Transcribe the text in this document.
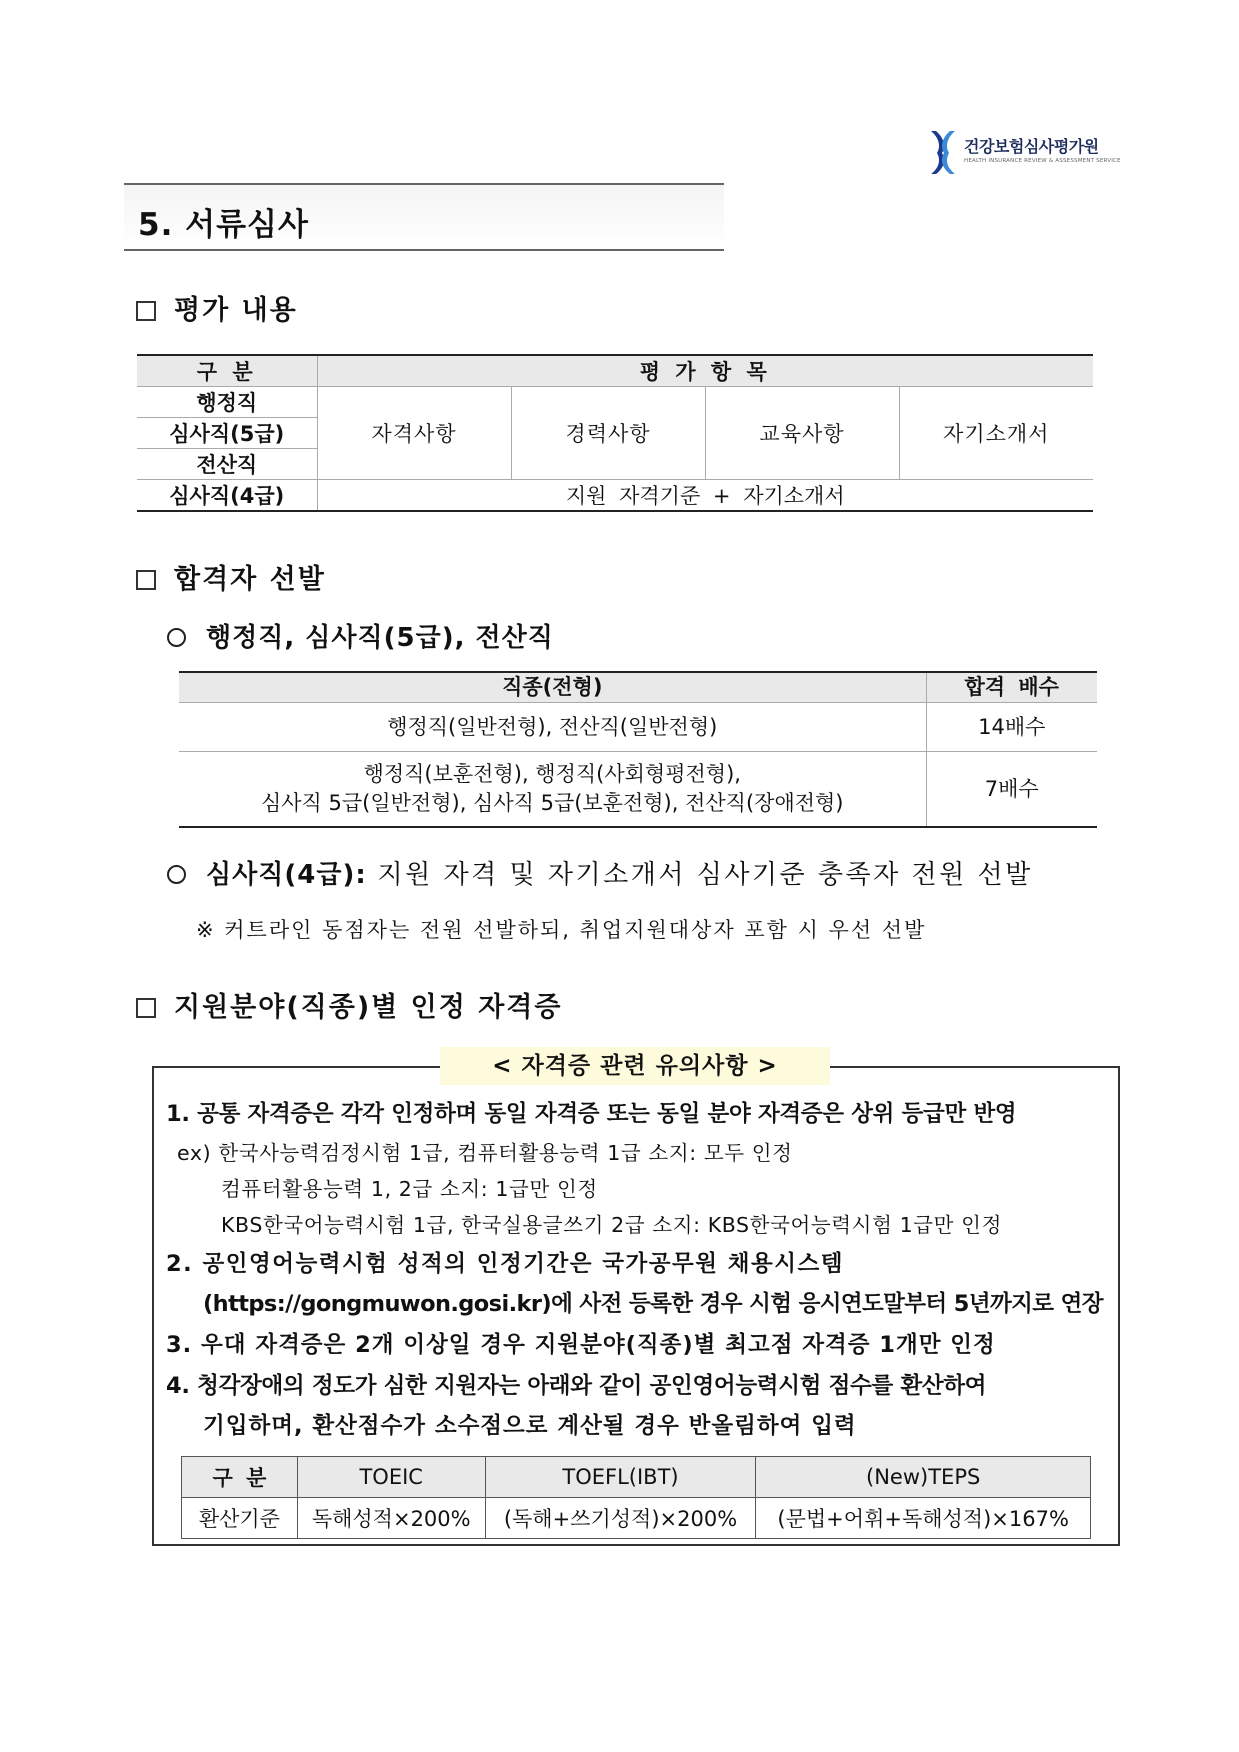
건강보험심사평가원
HEALTH INSURANCE REVIEW & ASSESSMENT SERVICE
5. 서류심사
평가 내용
구 분	평 가 항 목			
행정직	자격사항	경력사항	교육사항	자기소개서
심사직(5급)				
전산직				
심사직(4급)	지원 자격기준 + 자기소개서			
합격자 선발
행정직, 심사직(5급), 전산직
직종(전형)	합격 배수
행정직(일반전형), 전산직(일반전형)	14배수

행정직(보훈전형), 행정직(사회형평전형),
심사직 5급(일반전형), 심사직 5급(보훈전형), 전산직(장애전형)	7배수
심사직(4급): 지원 자격 및 자기소개서 심사기준 충족자 전원 선발
※ 커트라인 동점자는 전원 선발하되, 취업지원대상자 포함 시 우선 선발
지원분야(직종)별 인정 자격증
< 자격증 관련 유의사항 >
1. 공통 자격증은 각각 인정하며 동일 자격증 또는 동일 분야 자격증은 상위 등급만 반영
ex) 한국사능력검정시험 1급, 컴퓨터활용능력 1급 소지: 모두 인정
컴퓨터활용능력 1, 2급 소지: 1급만 인정
KBS한국어능력시험 1급, 한국실용글쓰기 2급 소지: KBS한국어능력시험 1급만 인정
2. 공인영어능력시험 성적의 인정기간은 국가공무원 채용시스템
(https://gongmuwon.gosi.kr)에 사전 등록한 경우 시험 응시연도말부터 5년까지로 연장
3. 우대 자격증은 2개 이상일 경우 지원분야(직종)별 최고점 자격증 1개만 인정
4. 청각장애의 정도가 심한 지원자는 아래와 같이 공인영어능력시험 점수를 환산하여
기입하며, 환산점수가 소수점으로 계산될 경우 반올림하여 입력
구 분	TOEIC	TOEFL(IBT)	(New)TEPS
환산기준	독해성적×200%	(독해+쓰기성적)×200%	(문법+어휘+독해성적)×167%
